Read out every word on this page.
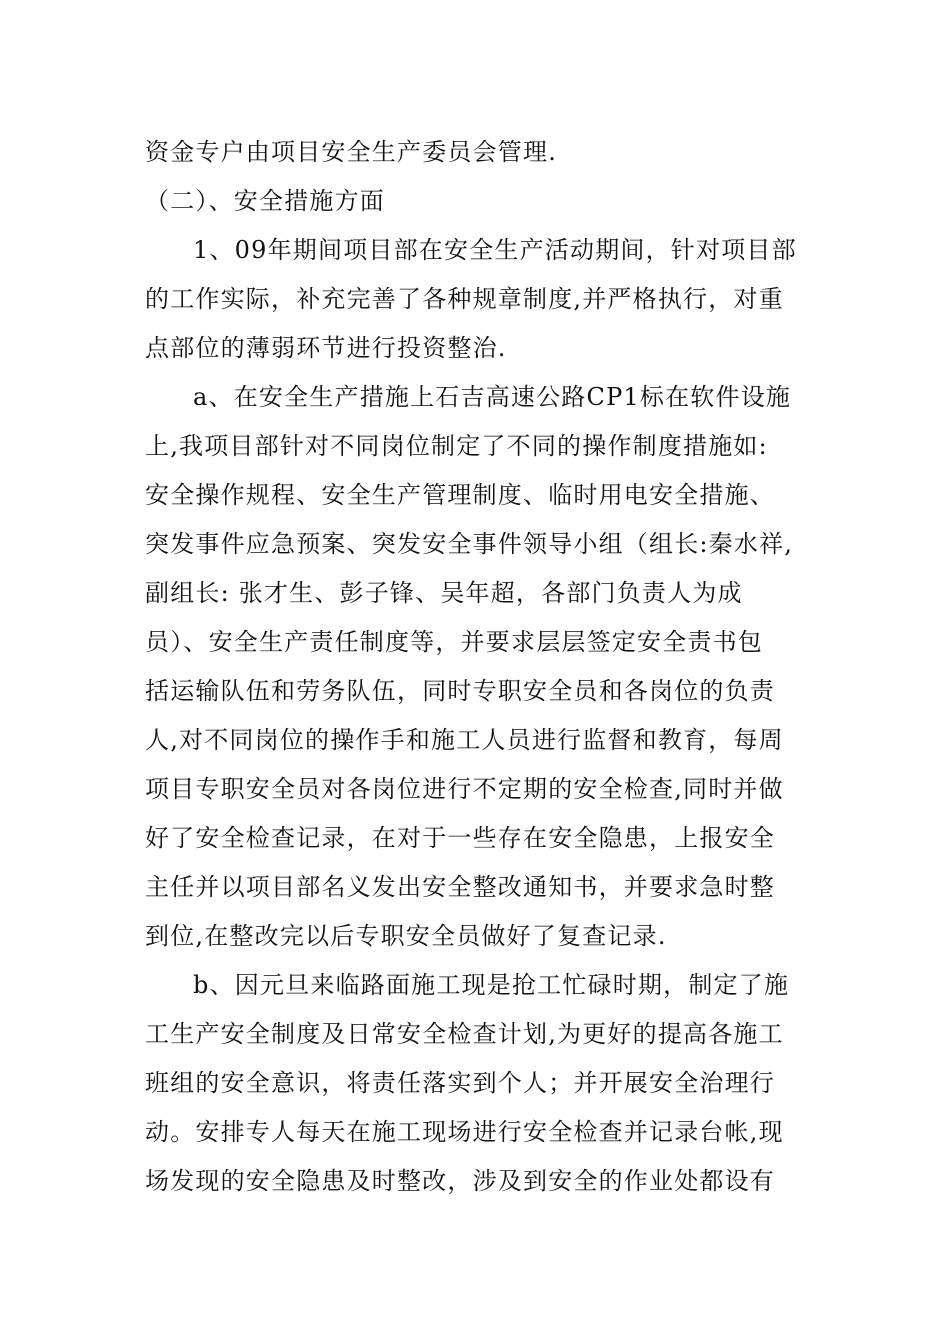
资金专户由项目安全生产委员会管理.
（二）、安全措施方面
1、09年期间项目部在安全生产活动期间，针对项目部
的工作实际，补充完善了各种规章制度,并严格执行，对重
点部位的薄弱环节进行投资整治.
a、在安全生产措施上石吉高速公路CP1标在软件设施
上,我项目部针对不同岗位制定了不同的操作制度措施如:
安全操作规程、安全生产管理制度、临时用电安全措施、
突发事件应急预案、突发安全事件领导小组（组长:秦水祥,
副组长: 张才生、彭子锋、吴年超，各部门负责人为成
员）、安全生产责任制度等，并要求层层签定安全责书包
括运输队伍和劳务队伍，同时专职安全员和各岗位的负责
人,对不同岗位的操作手和施工人员进行监督和教育，每周
项目专职安全员对各岗位进行不定期的安全检查,同时并做
好了安全检查记录，在对于一些存在安全隐患，上报安全
主任并以项目部名义发出安全整改通知书，并要求急时整
到位,在整改完以后专职安全员做好了复查记录.
b、因元旦来临路面施工现是抢工忙碌时期，制定了施
工生产安全制度及日常安全检查计划,为更好的提高各施工
班组的安全意识，将责任落实到个人；并开展安全治理行
动。安排专人每天在施工现场进行安全检查并记录台帐,现
场发现的安全隐患及时整改，涉及到安全的作业处都设有
